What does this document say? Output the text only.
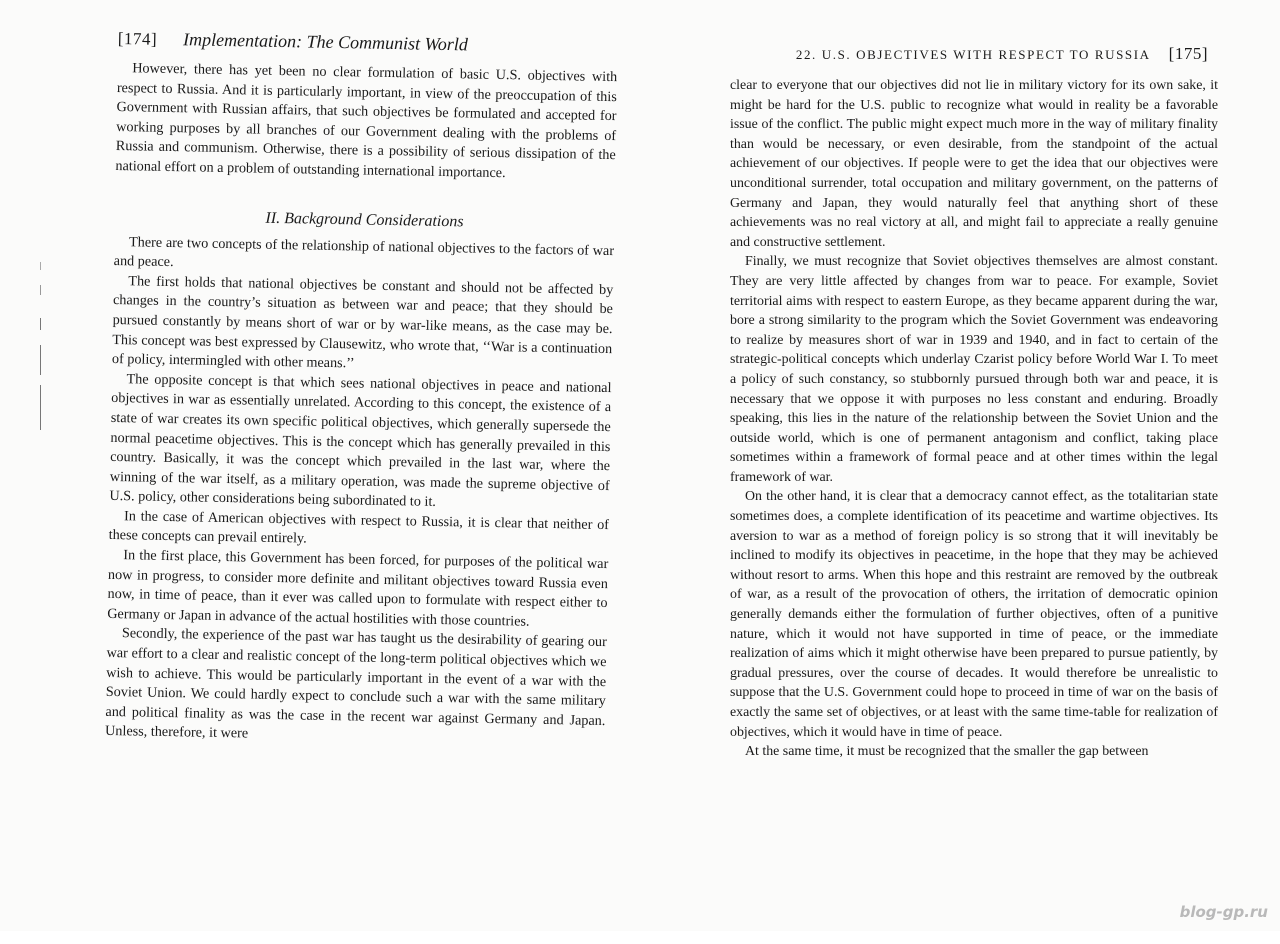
[174] Implementation: The Communist World

However, there has yet been no clear formulation of basic U.S. objectives with respect to Russia. And it is particularly important, in view of the preoccupation of this Government with Russian affairs, that such objectives be formulated and accepted for working purposes by all branches of our Government dealing with the problems of Russia and communism. Otherwise, there is a possibility of serious dissipation of the national effort on a problem of outstanding international importance.

II. Background Considerations

There are two concepts of the relationship of national objectives to the factors of war and peace.

The first holds that national objectives be constant and should not be affected by changes in the country’s situation as between war and peace; that they should be pursued constantly by means short of war or by war-like means, as the case may be. This concept was best expressed by Clausewitz, who wrote that, ‘‘War is a continuation of policy, intermingled with other means.’’

The opposite concept is that which sees national objectives in peace and national objectives in war as essentially unrelated. According to this concept, the existence of a state of war creates its own specific political objectives, which generally supersede the normal peacetime objectives. This is the concept which has generally prevailed in this country. Basically, it was the concept which prevailed in the last war, where the winning of the war itself, as a military operation, was made the supreme objective of U.S. policy, other considerations being subordinated to it.

In the case of American objectives with respect to Russia, it is clear that neither of these concepts can prevail entirely.

In the first place, this Government has been forced, for purposes of the political war now in progress, to consider more definite and militant objectives toward Russia even now, in time of peace, than it ever was called upon to formulate with respect either to Germany or Japan in advance of the actual hostilities with those countries.

Secondly, the experience of the past war has taught us the desirability of gearing our war effort to a clear and realistic concept of the long-term political objectives which we wish to achieve. This would be particularly important in the event of a war with the Soviet Union. We could hardly expect to conclude such a war with the same military and political finality as was the case in the recent war against Germany and Japan. Unless, therefore, it were

22. U.S. OBJECTIVES WITH RESPECT TO RUSSIA [175]

clear to everyone that our objectives did not lie in military victory for its own sake, it might be hard for the U.S. public to recognize what would in reality be a favorable issue of the conflict. The public might expect much more in the way of military finality than would be necessary, or even desirable, from the standpoint of the actual achievement of our objectives. If people were to get the idea that our objectives were unconditional surrender, total occupation and military government, on the patterns of Germany and Japan, they would naturally feel that anything short of these achievements was no real victory at all, and might fail to appreciate a really genuine and constructive settlement.

Finally, we must recognize that Soviet objectives themselves are almost constant. They are very little affected by changes from war to peace. For example, Soviet territorial aims with respect to eastern Europe, as they became apparent during the war, bore a strong similarity to the program which the Soviet Government was endeavoring to realize by measures short of war in 1939 and 1940, and in fact to certain of the strategic-political concepts which underlay Czarist policy before World War I. To meet a policy of such constancy, so stubbornly pursued through both war and peace, it is necessary that we oppose it with purposes no less constant and enduring. Broadly speaking, this lies in the nature of the relationship between the Soviet Union and the outside world, which is one of permanent antagonism and conflict, taking place sometimes within a framework of formal peace and at other times within the legal framework of war.

On the other hand, it is clear that a democracy cannot effect, as the totalitarian state sometimes does, a complete identification of its peacetime and wartime objectives. Its aversion to war as a method of foreign policy is so strong that it will inevitably be inclined to modify its objectives in peacetime, in the hope that they may be achieved without resort to arms. When this hope and this restraint are removed by the outbreak of war, as a result of the provocation of others, the irritation of democratic opinion generally demands either the formulation of further objectives, often of a punitive nature, which it would not have supported in time of peace, or the immediate realization of aims which it might otherwise have been prepared to pursue patiently, by gradual pressures, over the course of decades. It would therefore be unrealistic to suppose that the U.S. Government could hope to proceed in time of war on the basis of exactly the same set of objectives, or at least with the same time-table for realization of objectives, which it would have in time of peace.

At the same time, it must be recognized that the smaller the gap between

blog-gp.ru
